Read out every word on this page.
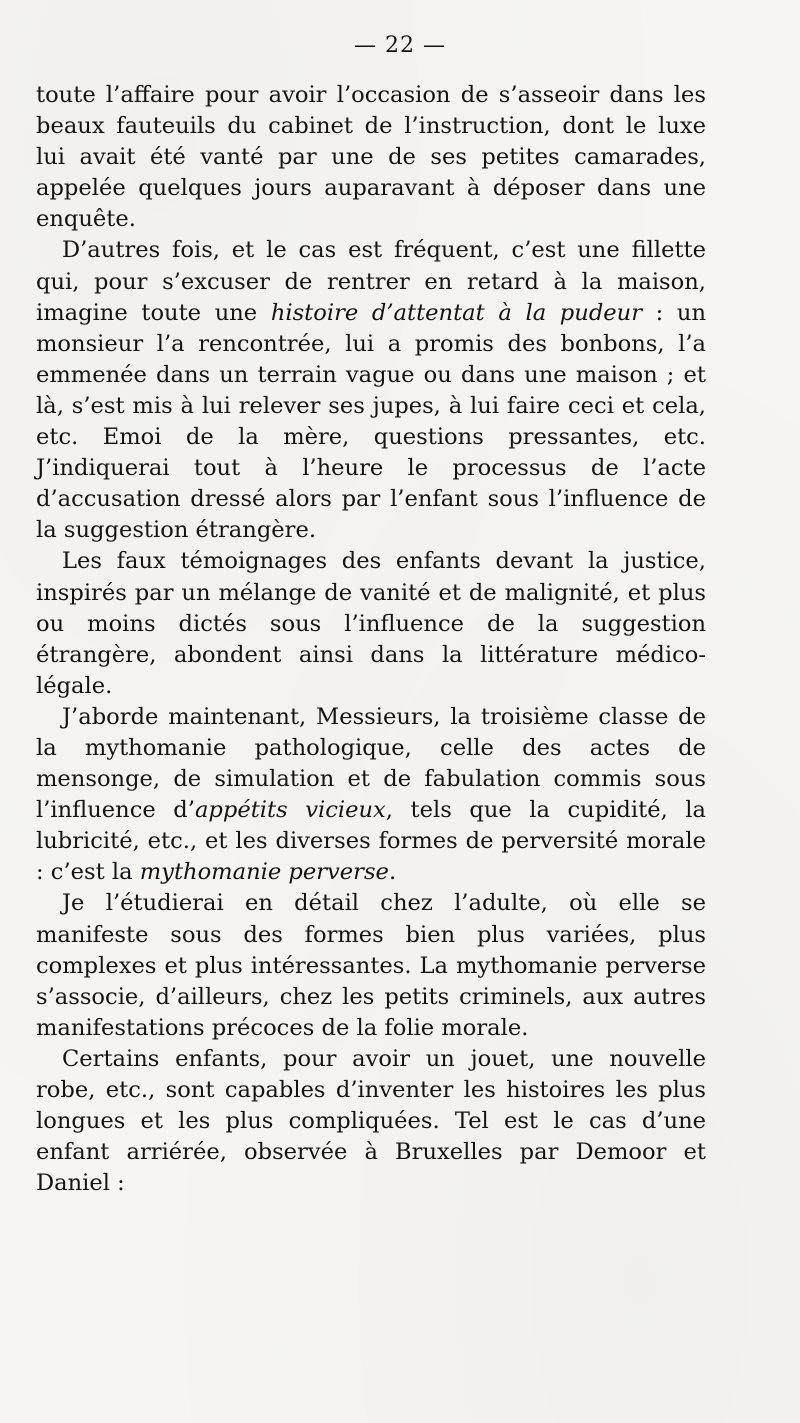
— 22 —

toute l’affaire pour avoir l’occasion de s’asseoir dans les beaux fauteuils du cabinet de l’instruction, dont le luxe lui avait été vanté par une de ses petites camarades, appelée quelques jours auparavant à déposer dans une enquête.

D’autres fois, et le cas est fréquent, c’est une fillette qui, pour s’excuser de rentrer en retard à la maison, imagine toute une histoire d’attentat à la pudeur : un monsieur l’a rencontrée, lui a promis des bonbons, l’a emmenée dans un terrain vague ou dans une maison ; et là, s’est mis à lui relever ses jupes, à lui faire ceci et cela, etc. Emoi de la mère, questions pressantes, etc. J’indiquerai tout à l’heure le processus de l’acte d’accusation dressé alors par l’enfant sous l’influence de la suggestion étrangère.

Les faux témoignages des enfants devant la justice, inspirés par un mélange de vanité et de malignité, et plus ou moins dictés sous l’influence de la suggestion étrangère, abondent ainsi dans la littérature médico-légale.

J’aborde maintenant, Messieurs, la troisième classe de la mythomanie pathologique, celle des actes de mensonge, de simulation et de fabulation commis sous l’influence d’appétits vicieux, tels que la cupidité, la lubricité, etc., et les diverses formes de perversité morale : c’est la mythomanie perverse.

Je l’étudierai en détail chez l’adulte, où elle se manifeste sous des formes bien plus variées, plus complexes et plus intéressantes. La mythomanie perverse s’associe, d’ailleurs, chez les petits criminels, aux autres manifestations précoces de la folie morale.

Certains enfants, pour avoir un jouet, une nouvelle robe, etc., sont capables d’inventer les histoires les plus longues et les plus compliquées. Tel est le cas d’une enfant arriérée, observée à Bruxelles par Demoor et Daniel :
